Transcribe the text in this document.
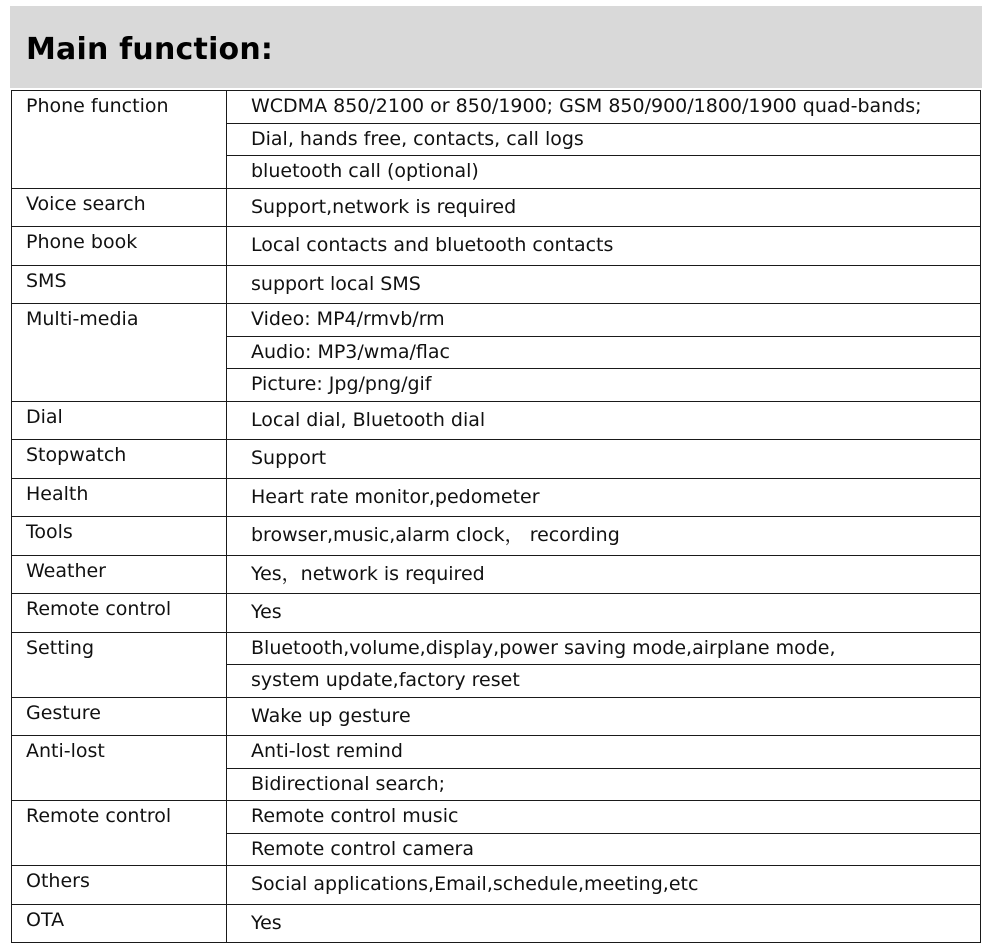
Main function:
Phone function	WCDMA 850/2100 or 850/1900; GSM 850/900/1800/1900 quad-bands;
	Dial, hands free, contacts, call logs
	bluetooth call (optional)
Voice search	Support,network is required
Phone book	Local contacts and bluetooth contacts
SMS	support local SMS
Multi-media	Video: MP4/rmvb/rm
	Audio: MP3/wma/flac
	Picture: Jpg/png/gif
Dial	Local dial, Bluetooth dial
Stopwatch	Support
Health	Heart rate monitor,pedometer
Tools	browser,music,alarm clock， recording
Weather	Yes，network is required
Remote control	Yes
Setting	Bluetooth,volume,display,power saving mode,airplane mode,
	system update,factory reset
Gesture	Wake up gesture
Anti-lost	Anti-lost remind
	Bidirectional search;
Remote control	Remote control music
	Remote control camera
Others	Social applications,Email,schedule,meeting,etc
OTA	Yes
